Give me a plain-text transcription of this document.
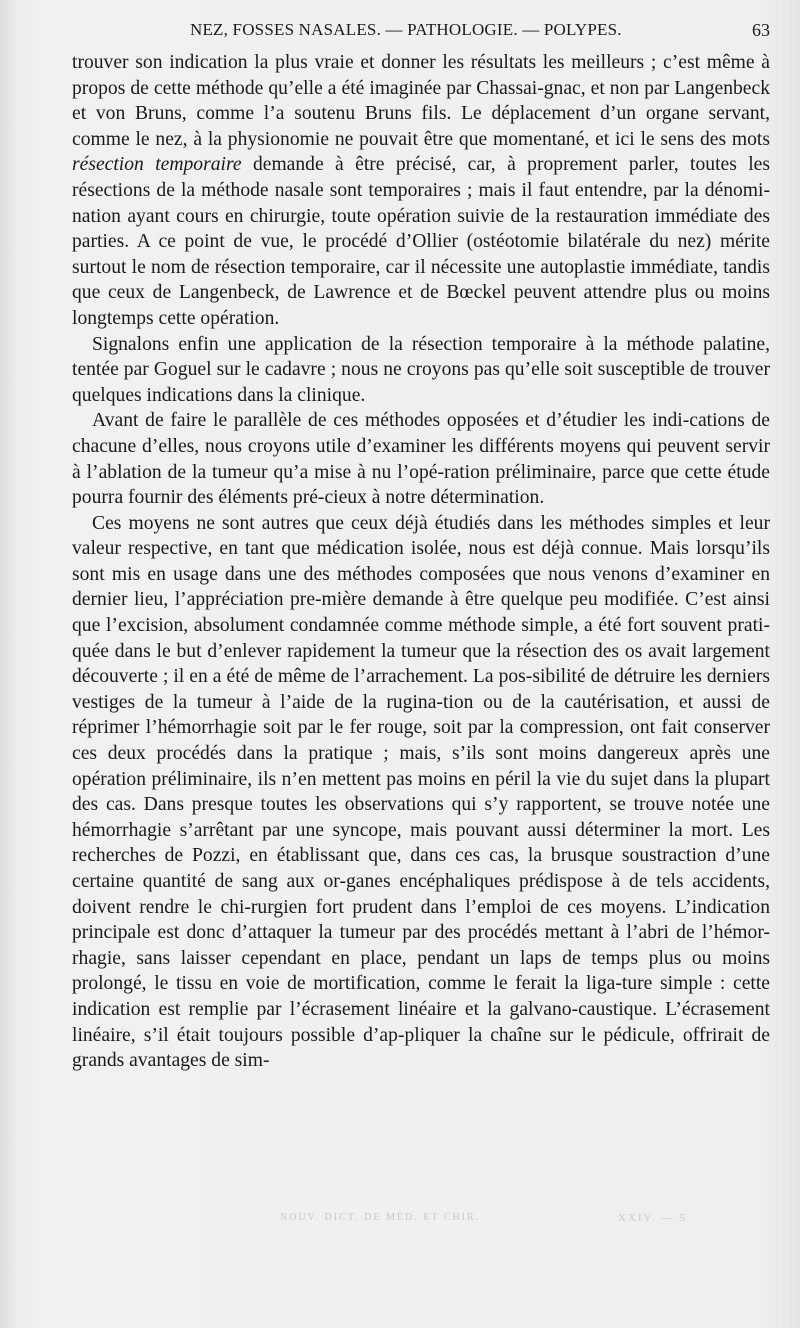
NEZ, FOSSES NASALES. — PATHOLOGIE. — POLYPES.	63

trouver son indication la plus vraie et donner les résultats les meilleurs ; c’est même à propos de cette méthode qu’elle a été imaginée par Chassai-gnac, et non par Langenbeck et von Bruns, comme l’a soutenu Bruns fils. Le déplacement d’un organe servant, comme le nez, à la physionomie ne pouvait être que momentané, et ici le sens des mots résection temporaire demande à être précisé, car, à proprement parler, toutes les résections de la méthode nasale sont temporaires ; mais il faut entendre, par la dénomi-nation ayant cours en chirurgie, toute opération suivie de la restauration immédiate des parties. A ce point de vue, le procédé d’Ollier (ostéotomie bilatérale du nez) mérite surtout le nom de résection temporaire, car il nécessite une autoplastie immédiate, tandis que ceux de Langenbeck, de Lawrence et de Bœckel peuvent attendre plus ou moins longtemps cette opération.

Signalons enfin une application de la résection temporaire à la méthode palatine, tentée par Goguel sur le cadavre ; nous ne croyons pas qu’elle soit susceptible de trouver quelques indications dans la clinique.

Avant de faire le parallèle de ces méthodes opposées et d’étudier les indi-cations de chacune d’elles, nous croyons utile d’examiner les différents moyens qui peuvent servir à l’ablation de la tumeur qu’a mise à nu l’opé-ration préliminaire, parce que cette étude pourra fournir des éléments pré-cieux à notre détermination.

Ces moyens ne sont autres que ceux déjà étudiés dans les méthodes simples et leur valeur respective, en tant que médication isolée, nous est déjà connue. Mais lorsqu’ils sont mis en usage dans une des méthodes composées que nous venons d’examiner en dernier lieu, l’appréciation pre-mière demande à être quelque peu modifiée. C’est ainsi que l’excision, absolument condamnée comme méthode simple, a été fort souvent prati-quée dans le but d’enlever rapidement la tumeur que la résection des os avait largement découverte ; il en a été de même de l’arrachement. La pos-sibilité de détruire les derniers vestiges de la tumeur à l’aide de la rugina-tion ou de la cautérisation, et aussi de réprimer l’hémorrhagie soit par le fer rouge, soit par la compression, ont fait conserver ces deux procédés dans la pratique ; mais, s’ils sont moins dangereux après une opération préliminaire, ils n’en mettent pas moins en péril la vie du sujet dans la plupart des cas. Dans presque toutes les observations qui s’y rapportent, se trouve notée une hémorrhagie s’arrêtant par une syncope, mais pouvant aussi déterminer la mort. Les recherches de Pozzi, en établissant que, dans ces cas, la brusque soustraction d’une certaine quantité de sang aux or-ganes encéphaliques prédispose à de tels accidents, doivent rendre le chi-rurgien fort prudent dans l’emploi de ces moyens. L’indication principale est donc d’attaquer la tumeur par des procédés mettant à l’abri de l’hémor-rhagie, sans laisser cependant en place, pendant un laps de temps plus ou moins prolongé, le tissu en voie de mortification, comme le ferait la liga-ture simple : cette indication est remplie par l’écrasement linéaire et la galvano-caustique. L’écrasement linéaire, s’il était toujours possible d’ap-pliquer la chaîne sur le pédicule, offrirait de grands avantages de sim-

NOUV. DICT. DE MÉD. ET CHIR.	XXIV. — 5
